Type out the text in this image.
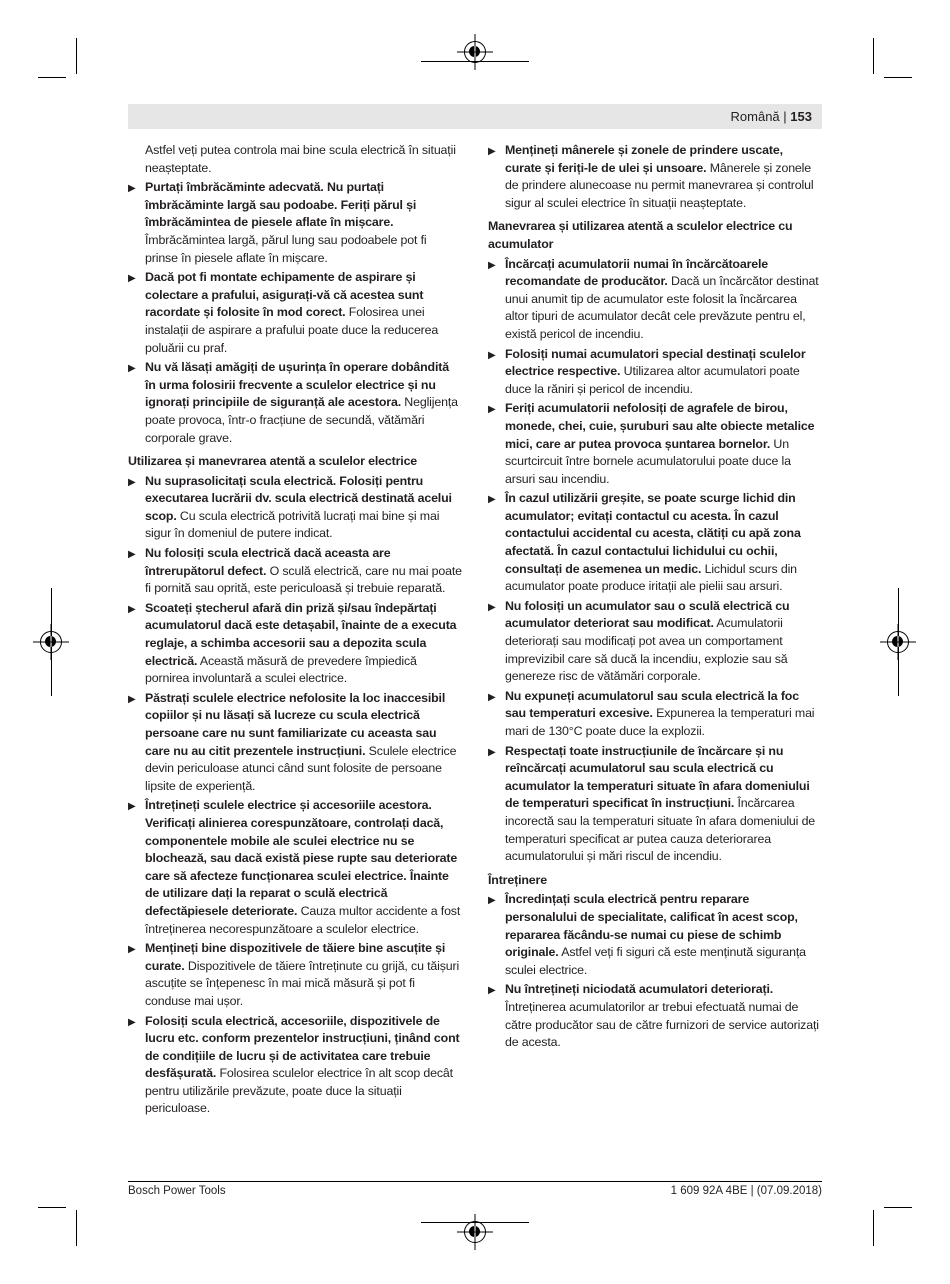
Română | 153
Astfel veți putea controla mai bine scula electrică în situații neașteptate.
▶ Purtați îmbrăcăminte adecvată. Nu purtați îmbrăcăminte largă sau podoabe. Feriți părul și îmbrăcămintea de piesele aflate în mișcare. Îmbrăcămintea largă, părul lung sau podoabele pot fi prinse în piesele aflate în mișcare.
▶ Dacă pot fi montate echipamente de aspirare și colectare a prafului, asigurați-vă că acestea sunt racordate și folosite în mod corect. Folosirea unei instalații de aspirare a prafului poate duce la reducerea poluării cu praf.
▶ Nu vă lăsați amăgiți de ușurința în operare dobândită în urma folosirii frecvente a sculelor electrice și nu ignorați principiile de siguranță ale acestora. Neglijența poate provoca, într-o fracțiune de secundă, vătămări corporale grave.
Utilizarea și manevrarea atentă a sculelor electrice
▶ Nu suprasolicitați scula electrică. Folosiți pentru executarea lucrării dv. scula electrică destinată acelui scop. Cu scula electrică potrivită lucrați mai bine și mai sigur în domeniul de putere indicat.
▶ Nu folosiți scula electrică dacă aceasta are întrerupătorul defect. O sculă electrică, care nu mai poate fi pornită sau oprită, este periculoasă și trebuie reparată.
▶ Scoateți ștecherul afară din priză și/sau îndepărtați acumulatorul dacă este detașabil, înainte de a executa reglaje, a schimba accesorii sau a depozita scula electrică. Această măsură de prevedere împiedică pornirea involuntară a sculei electrice.
▶ Păstrați sculele electrice nefolosite la loc inaccesibil copiilor și nu lăsați să lucreze cu scula electrică persoane care nu sunt familiarizate cu aceasta sau care nu au citit prezentele instrucțiuni. Sculele electrice devin periculoase atunci când sunt folosite de persoane lipsite de experiență.
▶ Întrețineți sculele electrice și accesoriile acestora. Verificați alinierea corespunzătoare, controlați dacă, componentele mobile ale sculei electrice nu se blochează, sau dacă există piese rupte sau deteriorate care să afecteze funcționarea sculei electrice. Înainte de utilizare dați la reparat o sculă electrică defectăpiesele deteriorate. Cauza multor accidente a fost întreținerea necorespunzătoare a sculelor electrice.
▶ Mențineți bine dispozitivele de tăiere bine ascuțite și curate. Dispozitivele de tăiere întreținute cu grijă, cu tăișuri ascuțite se înțepenesc în mai mică măsură și pot fi conduse mai ușor.
▶ Folosiți scula electrică, accesoriile, dispozitivele de lucru etc. conform prezentelor instrucțiuni, ținând cont de condițiile de lucru și de activitatea care trebuie desfășurată. Folosirea sculelor electrice în alt scop decât pentru utilizările prevăzute, poate duce la situații periculoase.
▶ Mențineți mânerele și zonele de prindere uscate, curate și feriți-le de ulei și unsoare. Mânerele și zonele de prindere alunecoase nu permit manevrarea și controlul sigur al sculei electrice în situații neașteptate.
Manevrarea și utilizarea atentă a sculelor electrice cu acumulator
▶ Încărcați acumulatorii numai în încărcătoarele recomandate de producător. Dacă un încărcător destinat unui anumit tip de acumulator este folosit la încărcarea altor tipuri de acumulator decât cele prevăzute pentru el, există pericol de incendiu.
▶ Folosiți numai acumulatori special destinați sculelor electrice respective. Utilizarea altor acumulatori poate duce la răniri și pericol de incendiu.
▶ Feriți acumulatorii nefolosiți de agrafele de birou, monede, chei, cuie, șuruburi sau alte obiecte metalice mici, care ar putea provoca șuntarea bornelor. Un scurtcircuit între bornele acumulatorului poate duce la arsuri sau incendiu.
▶ În cazul utilizării greșite, se poate scurge lichid din acumulator; evitați contactul cu acesta. În cazul contactului accidental cu acesta, clătiți cu apă zona afectată. În cazul contactului lichidului cu ochii, consultați de asemenea un medic. Lichidul scurs din acumulator poate produce iritații ale pielii sau arsuri.
▶ Nu folosiți un acumulator sau o sculă electrică cu acumulator deteriorat sau modificat. Acumulatorii deteriorați sau modificați pot avea un comportament imprevizibil care să ducă la incendiu, explozie sau să genereze risc de vătămări corporale.
▶ Nu expuneți acumulatorul sau scula electrică la foc sau temperaturi excesive. Expunerea la temperaturi mai mari de 130°C poate duce la explozii.
▶ Respectați toate instrucțiunile de încărcare și nu reîncărcați acumulatorul sau scula electrică cu acumulator la temperaturi situate în afara domeniului de temperaturi specificat în instrucțiuni. Încărcarea incorectă sau la temperaturi situate în afara domeniului de temperaturi specificat ar putea cauza deteriorarea acumulatorului și mări riscul de incendiu.
Întreținere
▶ Încredințați scula electrică pentru reparare personalului de specialitate, calificat în acest scop, repararea făcându-se numai cu piese de schimb originale. Astfel veți fi siguri că este menținută siguranța sculei electrice.
▶ Nu întrețineți niciodată acumulatori deteriorați. Întreținerea acumulatorilor ar trebui efectuată numai de către producător sau de către furnizori de service autorizați de acesta.
Bosch Power Tools	1 609 92A 4BE | (07.09.2018)
